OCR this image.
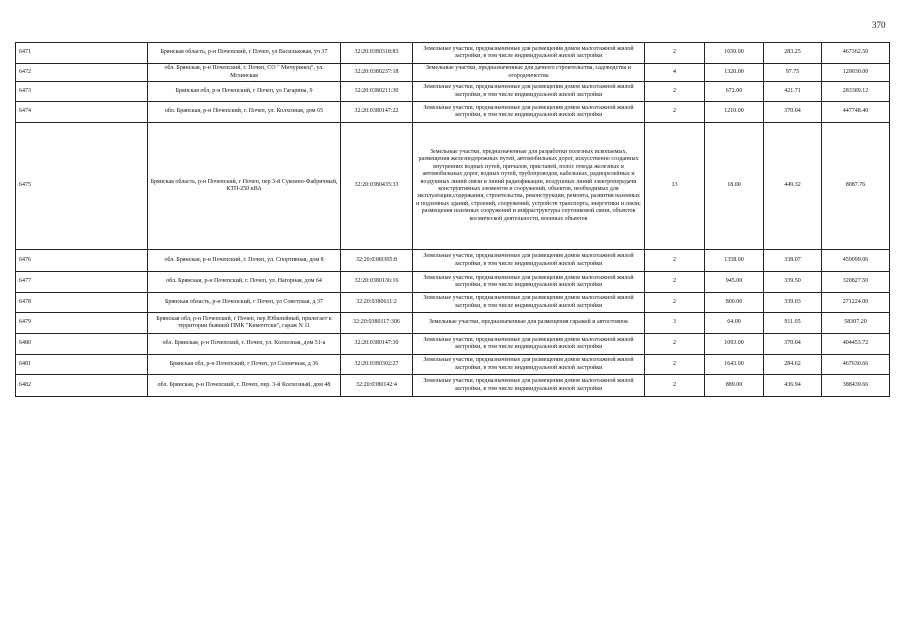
370
6471	Брянская область, р-н Почепский, г Почеп, ул Васильковая, уч 37	32:20:0380318:83	Земельные участки, предназначенные для размещения домов малоэтажной жилой застройки, в том числе индивидуальной жилой застройки	2	1650.00	283.25	467362.50
6472	обл. Брянская, р-н Почепский, г. Почеп, СО " Мичуринец", ул. Мглинская	32:20:0380237:18	Земельные участки, предназначенные для дачного строительства, садоводства и огородничества	4	1320.00	97.75	129030.00
6473	Брянская обл, р-н Почепский, г Почеп, ул Гагарина, 9	32:20:0380211:30	Земельные участки, предназначенные для размещения домов малоэтажной жилой застройки, в том числе индивидуальной жилой застройки	2	672.00	421.71	283389.12
6474	обл. Брянская, р-н Почепский, г. Почеп, ул. Колхозная, дом 65	32:20:0380147:22	Земельные участки, предназначенные для размещения домов малоэтажной жилой застройки, в том числе индивидуальной жилой застройки	2	1210.00	370.04	447748.40
6475	Брянская область, р-н Почепский, г Почеп, пер 3-й Суконно-Фабричный, КТП-250 кВА	32:20:0380435:33	Земельные участки, предназначенные для разработки полезных ископаемых, размещения железнодорожных путей, автомобильных дорог, искусственно созданных внутренних водных путей, причалов, пристаней, полос отвода железных и автомобильных дорог, водных путей, трубопроводов, кабельных, радиорелейных и воздушных линий связи и линий радиофикации, воздушных линий электропередачи конструктивных элементов и сооружений, объектов, необходимых для эксплуатации,содержания, строительства, реконструкции, ремонта, развития наземных и подземных зданий, строений, сооружений, устройств транспорта, энергетики и связи; размещения наземных сооружений и инфраструктуры спутниковой связи, объектов космической деятельности, военных объектов	13	18.00	449.32	8087.76
6476	обл. Брянская, р-н Почепский, г. Почеп, ул. Спортивная, дом 8	32:20:0380305:8	Земельные участки, предназначенные для размещения домов малоэтажной жилой застройки, в том числе индивидуальной жилой застройки	2	1358.00	338.07	459099.06
6477	обл. Брянская, р-н Почепский, г. Почеп, ул. Нагорная, дом 64	32:20:0380136:16	Земельные участки, предназначенные для размещения домов малоэтажной жилой застройки, в том числе индивидуальной жилой застройки	2	945.00	339.50	320827.50
6478	Брянская область, р-н Почепский, г Почеп, ул Советская, д 37	32:20:0380611:2	Земельные участки, предназначенные для размещения домов малоэтажной жилой застройки, в том числе индивидуальной жилой застройки	2	800.00	339.03	271224.00
6479	Брянская обл, р-н Почепский, г Почеп, пер Юбилейный, прилегает к территории бывшей ПМК "Кимочтски", гараж N 11	32:20:0380117:306	Земельные участки, предназначенные для размещения гаражей и автостоянок	3	64.00	911.05	58307.20
6480	обл. Брянская, р-н Почепский, г. Почеп, ул. Колхозная, дом 51-а	32:20:0380147:30	Земельные участки, предназначенные для размещения домов малоэтажной жилой застройки, в том числе индивидуальной жилой застройки	2	1093.00	370.04	404453.72
6481	Брянская обл, р-н Почепский, г Почеп, ул Солнечная, д 36	32:20:0380302:27	Земельные участки, предназначенные для размещения домов малоэтажной жилой застройки, в том числе индивидуальной жилой застройки	2	1643.00	284.62	467630.66
6482	обл. Брянская, р-н Почепский, г. Почеп, пер. 3-й Колхозный, дом 48	32:20:0380142:4	Земельные участки, предназначенные для размещения домов малоэтажной жилой застройки, в том числе индивидуальной жилой застройки	2	889.00	436.94	388439.66
